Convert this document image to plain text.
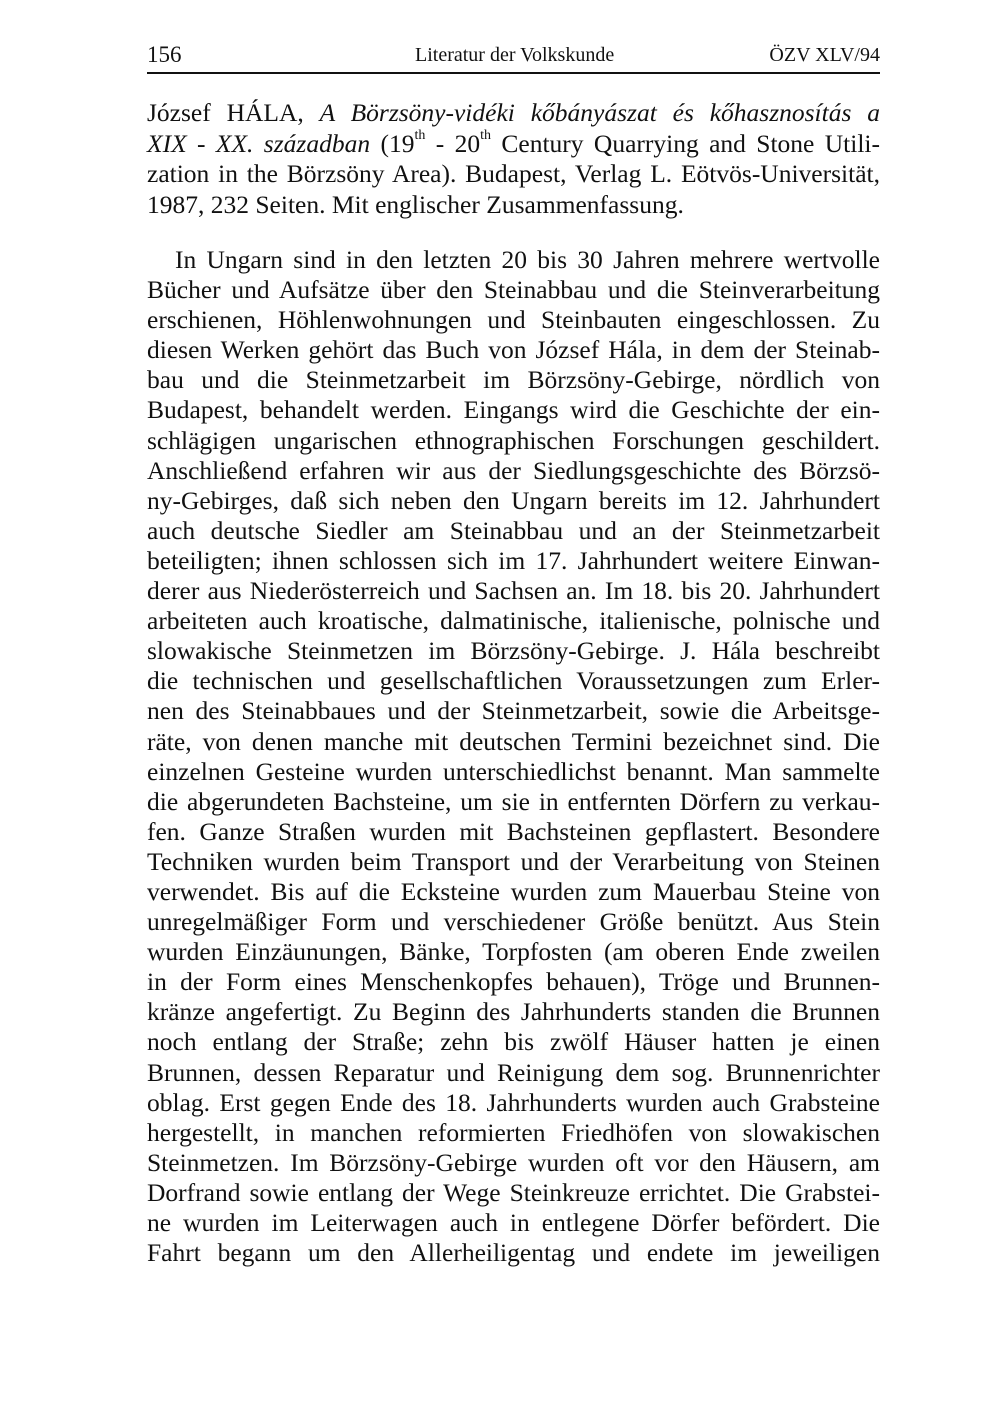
156	Literatur der Volkskunde	ÖZV XLV/94
József HÁLA, A Börzsöny-vidéki kőbányászat és kőhasznosítás a
XIX - XX. században (19th - 20th Century Quarrying and Stone Utili-
zation in the Börzsöny Area). Budapest, Verlag L. Eötvös-Universität,
1987, 232 Seiten. Mit englischer Zusammenfassung.
In Ungarn sind in den letzten 20 bis 30 Jahren mehrere wertvolle
Bücher und Aufsätze über den Steinabbau und die Steinverarbeitung
erschienen, Höhlenwohnungen und Steinbauten eingeschlossen. Zu
diesen Werken gehört das Buch von József Hála, in dem der Steinab-
bau und die Steinmetzarbeit im Börzsöny-Gebirge, nördlich von
Budapest, behandelt werden. Eingangs wird die Geschichte der ein-
schlägigen ungarischen ethnographischen Forschungen geschildert.
Anschließend erfahren wir aus der Siedlungsgeschichte des Börzsö-
ny-Gebirges, daß sich neben den Ungarn bereits im 12. Jahrhundert
auch deutsche Siedler am Steinabbau und an der Steinmetzarbeit
beteiligten; ihnen schlossen sich im 17. Jahrhundert weitere Einwan-
derer aus Niederösterreich und Sachsen an. Im 18. bis 20. Jahrhundert
arbeiteten auch kroatische, dalmatinische, italienische, polnische und
slowakische Steinmetzen im Börzsöny-Gebirge. J. Hála beschreibt
die technischen und gesellschaftlichen Voraussetzungen zum Erler-
nen des Steinabbaues und der Steinmetzarbeit, sowie die Arbeitsge-
räte, von denen manche mit deutschen Termini bezeichnet sind. Die
einzelnen Gesteine wurden unterschiedlichst benannt. Man sammelte
die abgerundeten Bachsteine, um sie in entfernten Dörfern zu verkau-
fen. Ganze Straßen wurden mit Bachsteinen gepflastert. Besondere
Techniken wurden beim Transport und der Verarbeitung von Steinen
verwendet. Bis auf die Ecksteine wurden zum Mauerbau Steine von
unregelmäßiger Form und verschiedener Größe benützt. Aus Stein
wurden Einzäunungen, Bänke, Torpfosten (am oberen Ende zweilen
in der Form eines Menschenkopfes behauen), Tröge und Brunnen-
kränze angefertigt. Zu Beginn des Jahrhunderts standen die Brunnen
noch entlang der Straße; zehn bis zwölf Häuser hatten je einen
Brunnen, dessen Reparatur und Reinigung dem sog. Brunnenrichter
oblag. Erst gegen Ende des 18. Jahrhunderts wurden auch Grabsteine
hergestellt, in manchen reformierten Friedhöfen von slowakischen
Steinmetzen. Im Börzsöny-Gebirge wurden oft vor den Häusern, am
Dorfrand sowie entlang der Wege Steinkreuze errichtet. Die Grabstei-
ne wurden im Leiterwagen auch in entlegene Dörfer befördert. Die
Fahrt begann um den Allerheiligentag und endete im jeweiligen
